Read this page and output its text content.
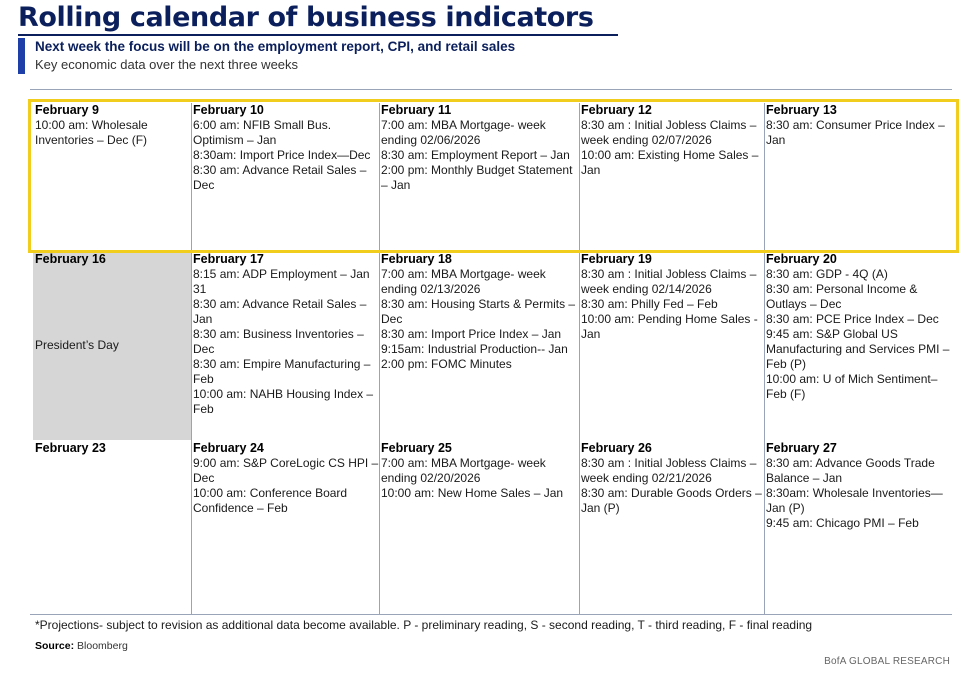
Rolling calendar of business indicators
Next week the focus will be on the employment report, CPI, and retail sales
Key economic data over the next three weeks
February 9
10:00 am: Wholesale Inventories – Dec (F)
February 10
6:00 am: NFIB Small Bus. Optimism – Jan
8:30am: Import Price Index—Dec
8:30 am: Advance Retail Sales – Dec
February 11
7:00 am: MBA Mortgage- week ending 02/06/2026
8:30 am: Employment Report – Jan
2:00 pm: Monthly Budget Statement – Jan
February 12
8:30 am : Initial Jobless Claims – week ending 02/07/2026
10:00 am: Existing Home Sales – Jan
February 13
8:30 am: Consumer Price Index – Jan
February 16
President’s Day
February 17
8:15 am: ADP Employment – Jan 31
8:30 am: Advance Retail Sales – Jan
8:30 am: Business Inventories – Dec
8:30 am: Empire Manufacturing – Feb
10:00 am: NAHB Housing Index – Feb
February 18
7:00 am: MBA Mortgage- week ending 02/13/2026
8:30 am: Housing Starts & Permits – Dec
8:30 am: Import Price Index – Jan
9:15am: Industrial Production-- Jan
2:00 pm: FOMC Minutes
February 19
8:30 am : Initial Jobless Claims – week ending 02/14/2026
8:30 am: Philly Fed – Feb
10:00 am: Pending Home Sales - Jan
February 20
8:30 am: GDP - 4Q (A)
8:30 am: Personal Income & Outlays – Dec
8:30 am: PCE Price Index – Dec
9:45 am: S&P Global US Manufacturing and Services PMI – Feb (P)
10:00 am: U of Mich Sentiment– Feb (F)
February 23	February 24
9:00 am: S&P CoreLogic CS HPI – Dec
10:00 am: Conference Board Confidence – Feb
February 25
7:00 am: MBA Mortgage- week ending 02/20/2026
10:00 am: New Home Sales – Jan
February 26
8:30 am : Initial Jobless Claims – week ending 02/21/2026
8:30 am: Durable Goods Orders – Jan (P)
February 27
8:30 am: Advance Goods Trade Balance – Jan
8:30am: Wholesale Inventories—Jan (P)
9:45 am: Chicago PMI – Feb
*Projections- subject to revision as additional data become available. P - preliminary reading, S - second reading, T - third reading, F - final reading
Source: Bloomberg
BofA GLOBAL RESEARCH
